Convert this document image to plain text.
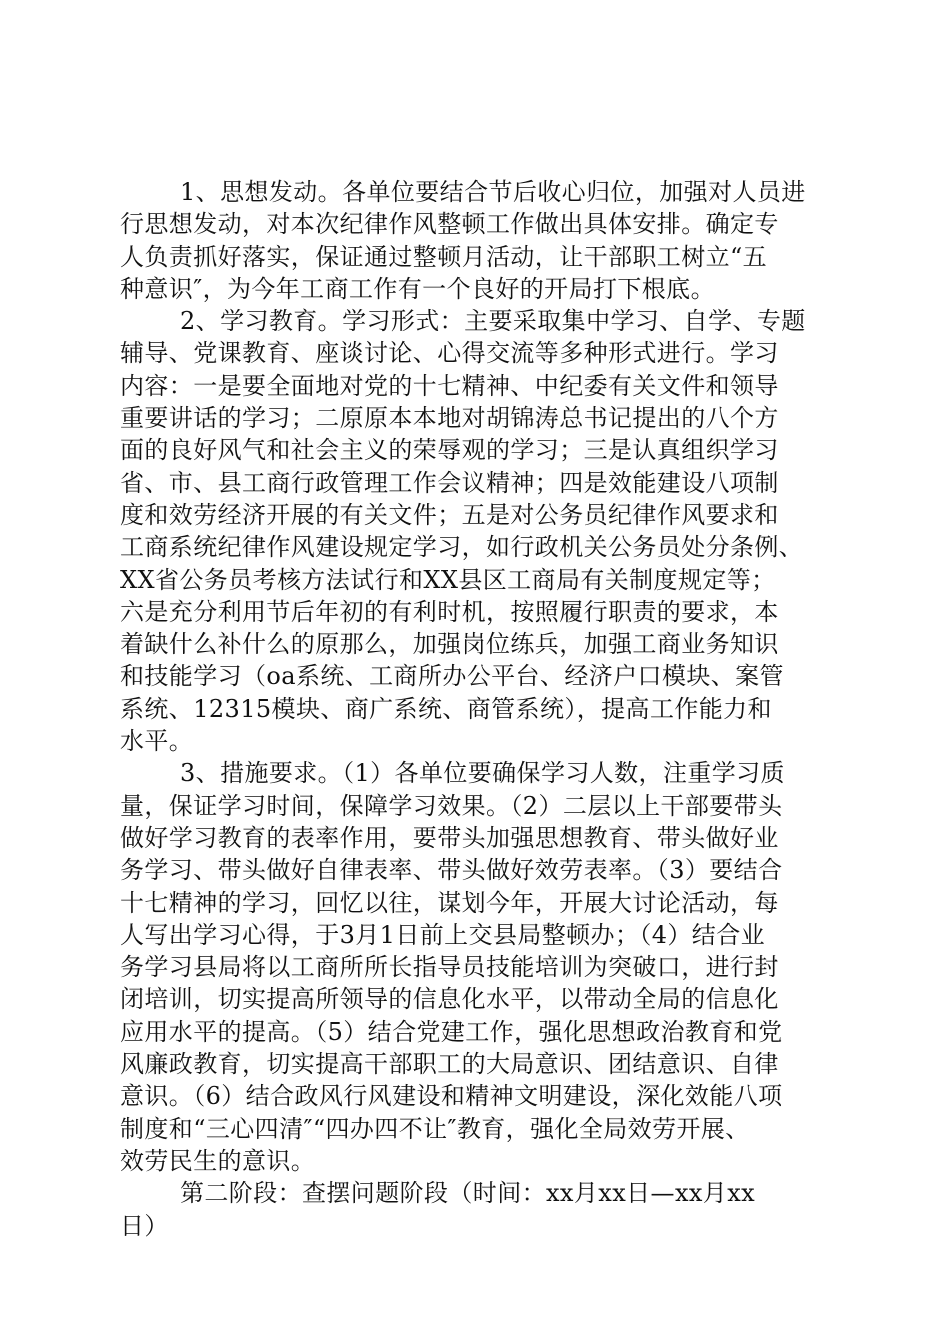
1、思想发动。各单位要结合节后收心归位，加强对人员进
行思想发动，对本次纪律作风整顿工作做出具体安排。确定专
人负责抓好落实，保证通过整顿月活动，让干部职工树立“五
种意识″，为今年工商工作有一个良好的开局打下根底。
2、学习教育。学习形式：主要采取集中学习、自学、专题
辅导、党课教育、座谈讨论、心得交流等多种形式进行。学习
内容：一是要全面地对党的十七精神、中纪委有关文件和领导
重要讲话的学习；二原原本本地对胡锦涛总书记提出的八个方
面的良好风气和社会主义的荣辱观的学习；三是认真组织学习
省、市、县工商行政管理工作会议精神；四是效能建设八项制
度和效劳经济开展的有关文件；五是对公务员纪律作风要求和
工商系统纪律作风建设规定学习，如行政机关公务员处分条例、
XX省公务员考核方法试行和XX县区工商局有关制度规定等；
六是充分利用节后年初的有利时机，按照履行职责的要求，本
着缺什么补什么的原那么，加强岗位练兵，加强工商业务知识
和技能学习（oa系统、工商所办公平台、经济户口模块、案管
系统、12315模块、商广系统、商管系统），提高工作能力和
水平。
3、措施要求。（1）各单位要确保学习人数，注重学习质
量，保证学习时间，保障学习效果。（2）二层以上干部要带头
做好学习教育的表率作用，要带头加强思想教育、带头做好业
务学习、带头做好自律表率、带头做好效劳表率。（3）要结合
十七精神的学习，回忆以往，谋划今年，开展大讨论活动，每
人写出学习心得，于3月1日前上交县局整顿办；（4）结合业
务学习县局将以工商所所长指导员技能培训为突破口，进行封
闭培训，切实提高所领导的信息化水平，以带动全局的信息化
应用水平的提高。（5）结合党建工作，强化思想政治教育和党
风廉政教育，切实提高干部职工的大局意识、团结意识、自律
意识。（6）结合政风行风建设和精神文明建设，深化效能八项
制度和“三心四清″“四办四不让″教育，强化全局效劳开展、
效劳民生的意识。
第二阶段：查摆问题阶段（时间：xx月xx日—xx月xx
日）
